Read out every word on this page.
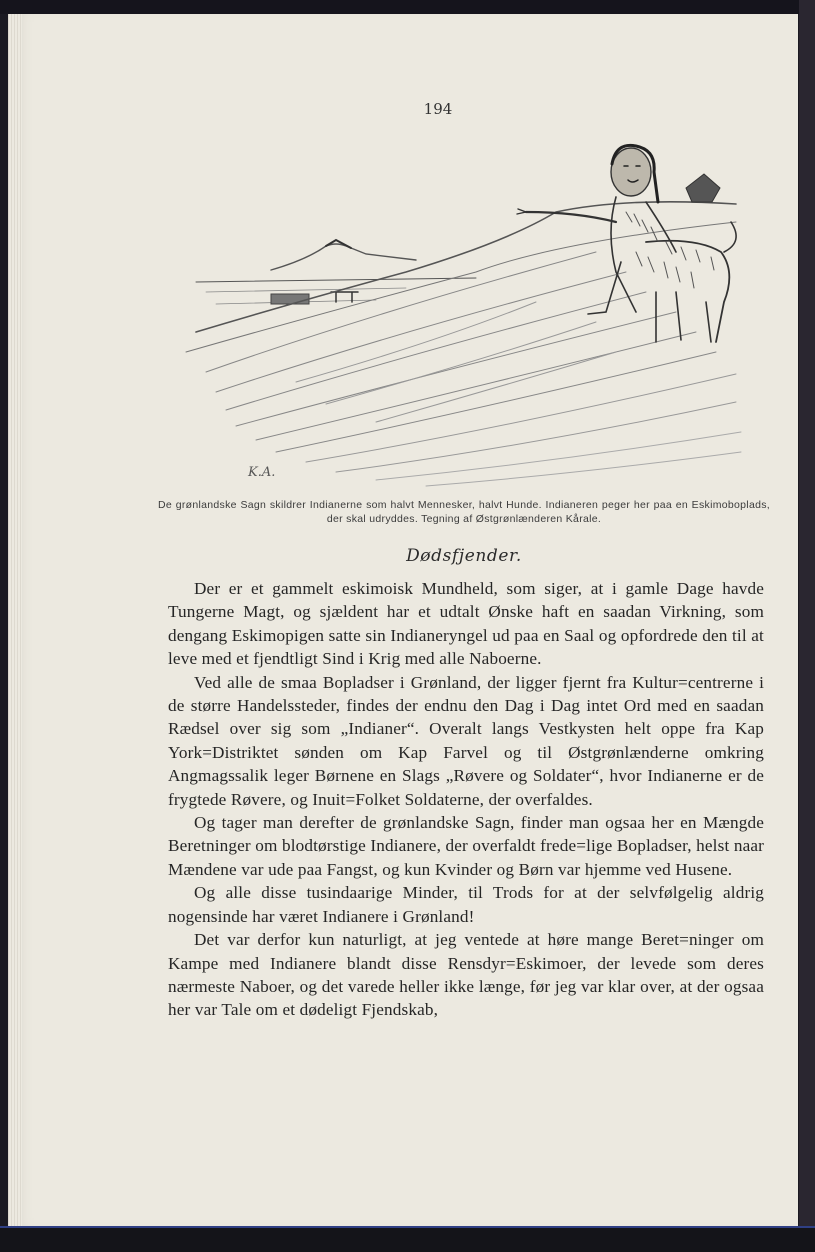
194
K.A.
De grønlandske Sagn skildrer Indianerne som halvt Mennesker, halvt Hunde. Indianeren peger her paa en Eskimoboplads, der skal udryddes. Tegning af Østgrønlænderen Kårale.
Dødsfjender.

Der er et gammelt eskimoisk Mundheld, som siger, at i gamle Dage havde Tungerne Magt, og sjældent har et udtalt Ønske haft en saadan Virkning, som dengang Eskimopigen satte sin Indianeryngel ud paa en Saal og opfordrede den til at leve med et fjendtligt Sind i Krig med alle Naboerne.

Ved alle de smaa Bopladser i Grønland, der ligger fjernt fra Kultur=centrerne i de større Handelssteder, findes der endnu den Dag i Dag intet Ord med en saadan Rædsel over sig som „Indianer“. Overalt langs Vestkysten helt oppe fra Kap York=Distriktet sønden om Kap Farvel og til Østgrønlænderne omkring Angmagssalik leger Børnene en Slags „Røvere og Soldater“, hvor Indianerne er de frygtede Røvere, og Inuit=Folket Soldaterne, der overfaldes.

Og tager man derefter de grønlandske Sagn, finder man ogsaa her en Mængde Beretninger om blodtørstige Indianere, der overfaldt frede=lige Bopladser, helst naar Mændene var ude paa Fangst, og kun Kvinder og Børn var hjemme ved Husene.

Og alle disse tusindaarige Minder, til Trods for at der selvfølgelig aldrig nogensinde har været Indianere i Grønland!

Det var derfor kun naturligt, at jeg ventede at høre mange Beret=ninger om Kampe med Indianere blandt disse Rensdyr=Eskimoer, der levede som deres nærmeste Naboer, og det varede heller ikke længe, før jeg var klar over, at der ogsaa her var Tale om et dødeligt Fjendskab,
